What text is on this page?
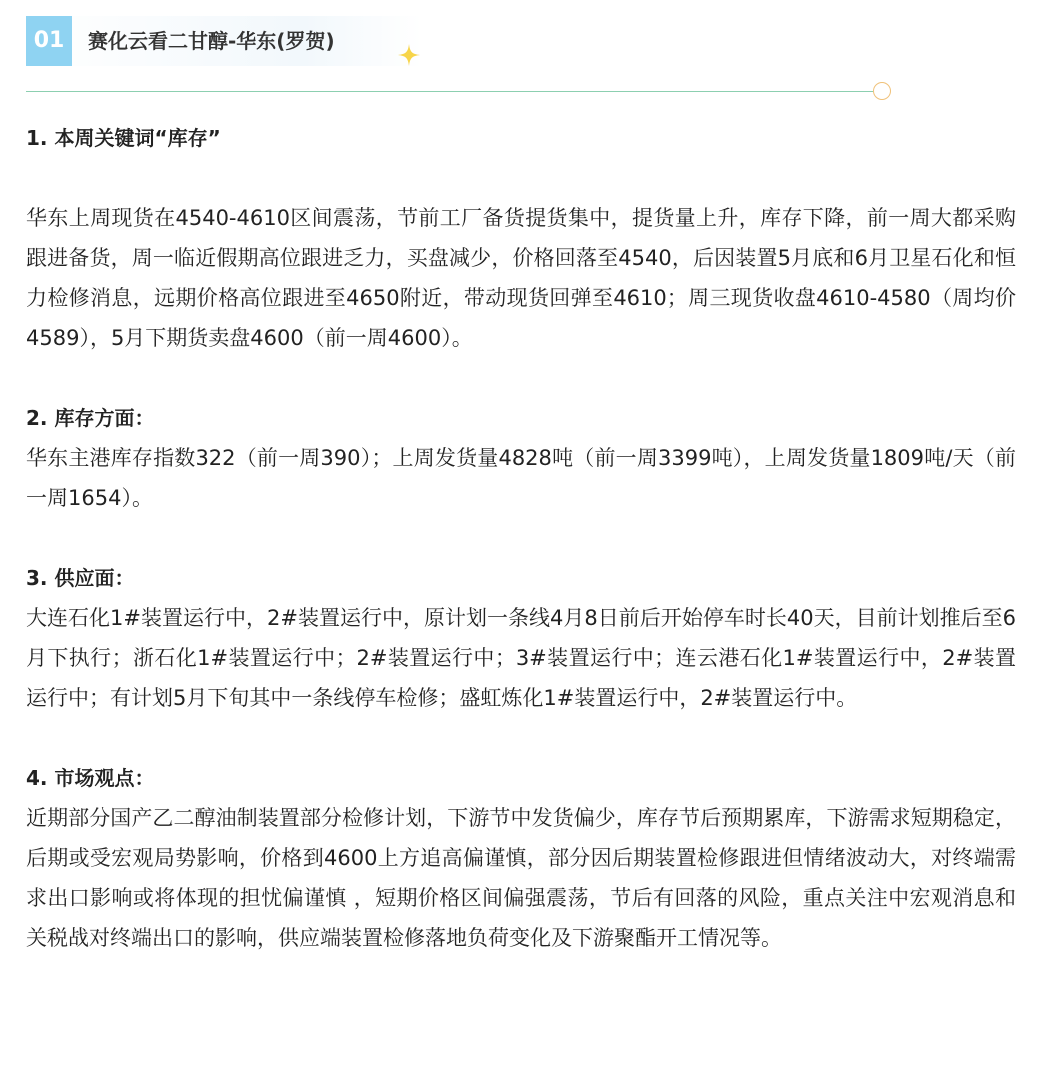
01	赛化云看二甘醇-华东(罗贺)
1. 本周关键词“库存”

华东上周现货在4540-4610区间震荡，节前工厂备货提货集中，提货量上升，库存下降，前一周大都采购跟进备货，周一临近假期高位跟进乏力，买盘减少，价格回落至4540，后因装置5月底和6月卫星石化和恒力检修消息，远期价格高位跟进至4650附近，带动现货回弹至4610；周三现货收盘4610-4580（周均价4589），5月下期货卖盘4600（前一周4600）。

2. 库存方面：

华东主港库存指数322（前一周390）；上周发货量4828吨（前一周3399吨），上周发货量1809吨/天（前一周1654）。

3. 供应面：

大连石化1#装置运行中，2#装置运行中，原计划一条线4月8日前后开始停车时长40天，目前计划推后至6月下执行；浙石化1#装置运行中；2#装置运行中；3#装置运行中；连云港石化1#装置运行中，2#装置运行中；有计划5月下旬其中一条线停车检修；盛虹炼化1#装置运行中，2#装置运行中。

4. 市场观点：

近期部分国产乙二醇油制装置部分检修计划，下游节中发货偏少，库存节后预期累库，下游需求短期稳定，后期或受宏观局势影响，价格到4600上方追高偏谨慎，部分因后期装置检修跟进但情绪波动大，对终端需求出口影响或将体现的担忧偏谨慎 ，短期价格区间偏强震荡，节后有回落的风险，重点关注中宏观消息和关税战对终端出口的影响，供应端装置检修落地负荷变化及下游聚酯开工情况等。
